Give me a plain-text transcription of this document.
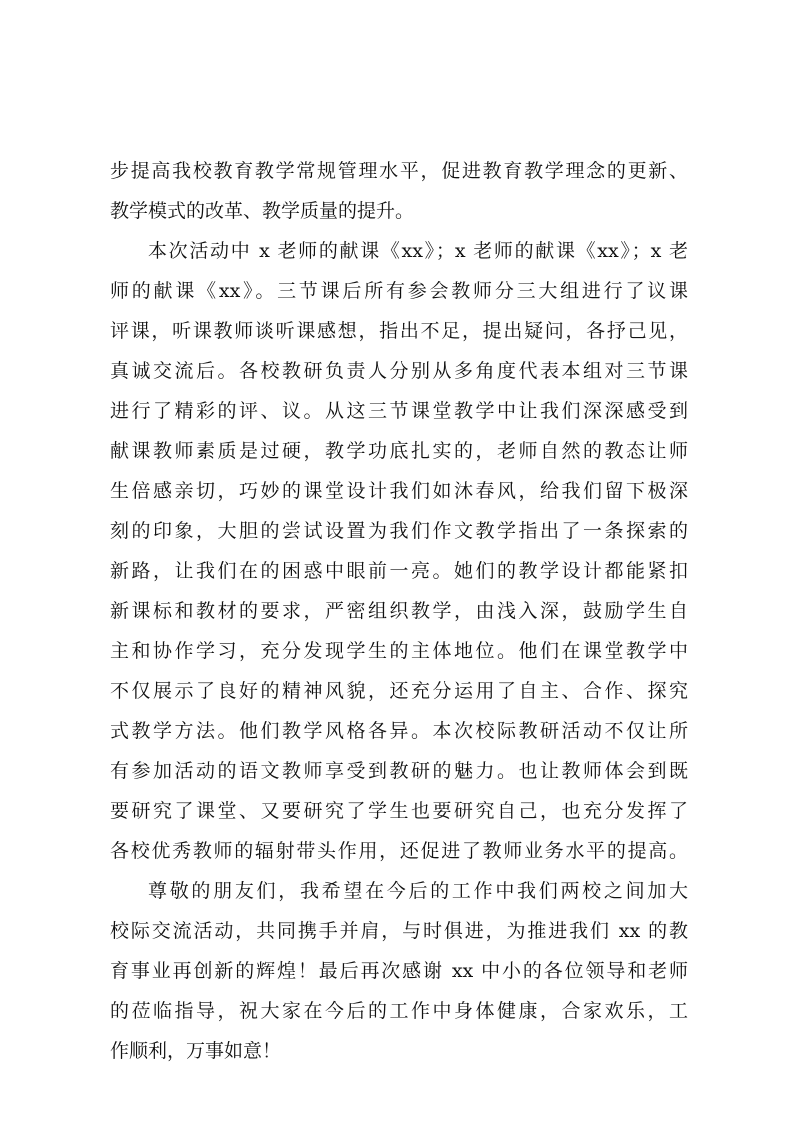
步提高我校教育教学常规管理水平，促进教育教学理念的更新、
教学模式的改革、教学质量的提升。
本次活动中 x 老师的献课《xx》；x 老师的献课《xx》；x 老
师的献课《xx》。三节课后所有参会教师分三大组进行了议课
评课，听课教师谈听课感想，指出不足，提出疑问，各抒己见，
真诚交流后。各校教研负责人分别从多角度代表本组对三节课
进行了精彩的评、议。从这三节课堂教学中让我们深深感受到
献课教师素质是过硬，教学功底扎实的，老师自然的教态让师
生倍感亲切，巧妙的课堂设计我们如沐春风，给我们留下极深
刻的印象，大胆的尝试设置为我们作文教学指出了一条探索的
新路，让我们在的困惑中眼前一亮。她们的教学设计都能紧扣
新课标和教材的要求，严密组织教学，由浅入深，鼓励学生自
主和协作学习，充分发现学生的主体地位。他们在课堂教学中
不仅展示了良好的精神风貌，还充分运用了自主、合作、探究
式教学方法。他们教学风格各异。本次校际教研活动不仅让所
有参加活动的语文教师享受到教研的魅力。也让教师体会到既
要研究了课堂、又要研究了学生也要研究自己，也充分发挥了
各校优秀教师的辐射带头作用，还促进了教师业务水平的提高。
尊敬的朋友们，我希望在今后的工作中我们两校之间加大
校际交流活动，共同携手并肩，与时俱进，为推进我们 xx 的教
育事业再创新的辉煌！最后再次感谢 xx 中小的各位领导和老师
的莅临指导，祝大家在今后的工作中身体健康，合家欢乐，工
作顺利，万事如意！
